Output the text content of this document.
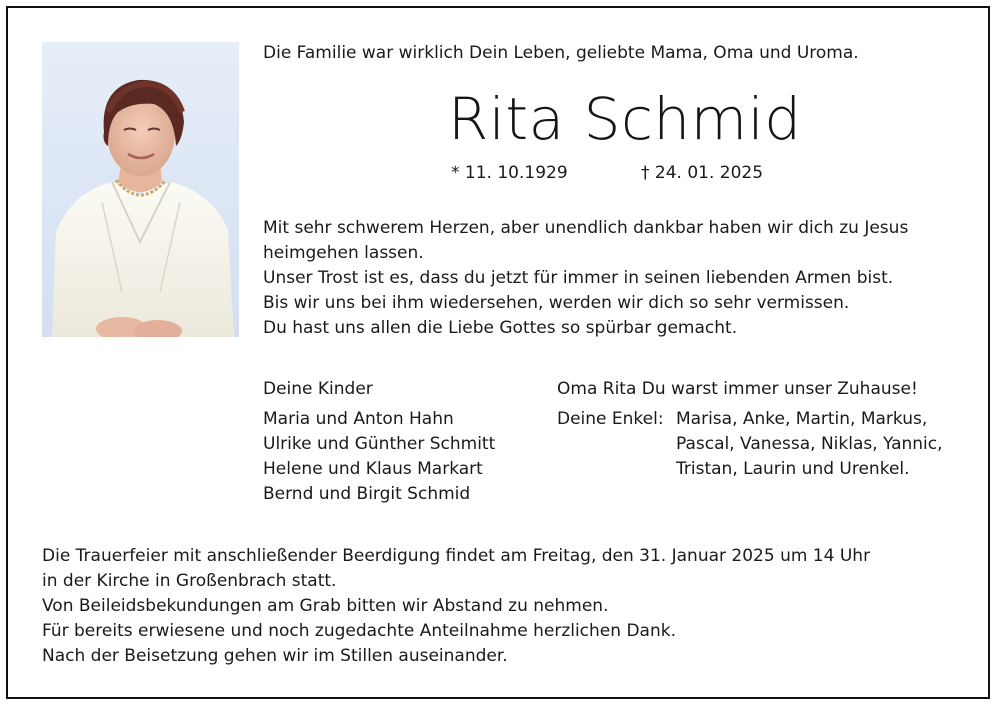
Die Familie war wirklich Dein Leben, geliebte Mama, Oma und Uroma.

Rita Schmid

* 11. 10.1929	† 24. 01. 2025

Mit sehr schwerem Herzen, aber unendlich dankbar haben wir dich zu Jesus
heimgehen lassen.
Unser Trost ist es, dass du jetzt für immer in seinen liebenden Armen bist.
Bis wir uns bei ihm wiedersehen, werden wir dich so sehr vermissen.
Du hast uns allen die Liebe Gottes so spürbar gemacht.

Deine Kinder

Maria und Anton Hahn
Ulrike und Günther Schmitt
Helene und Klaus Markart
Bernd und Birgit Schmid

Oma Rita Du warst immer unser Zuhause!

Deine Enkel: Marisa, Anke, Martin, Markus,
Pascal, Vanessa, Niklas, Yannic,
Tristan, Laurin und Urenkel.
Die Trauerfeier mit anschließender Beerdigung findet am Freitag, den 31. Januar 2025 um 14 Uhr
in der Kirche in Großenbrach statt.
Von Beileidsbekundungen am Grab bitten wir Abstand zu nehmen.
Für bereits erwiesene und noch zugedachte Anteilnahme herzlichen Dank.
Nach der Beisetzung gehen wir im Stillen auseinander.
